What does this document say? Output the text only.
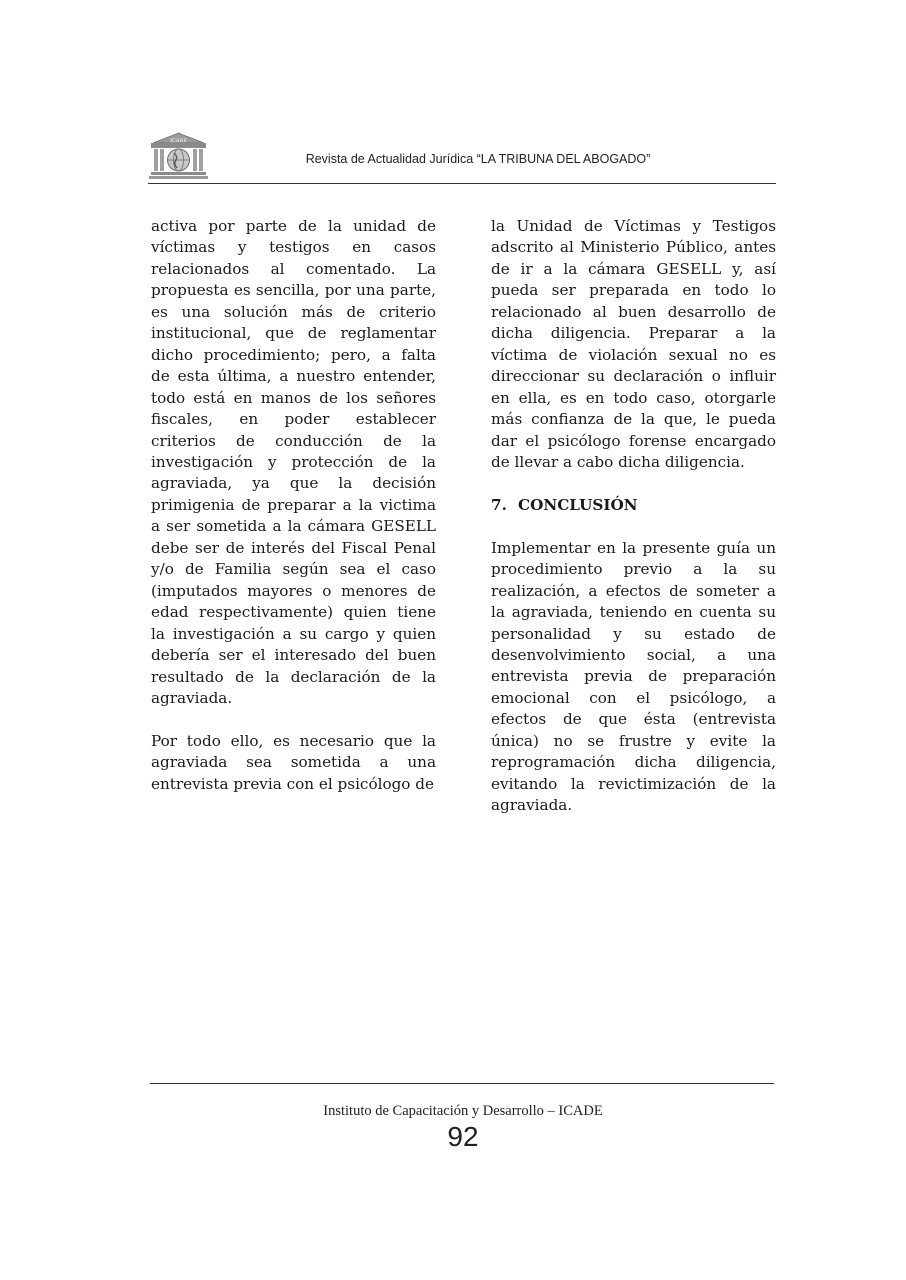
ICADE
Revista de Actualidad Jurídica “LA TRIBUNA DEL ABOGADO”

activa por parte de la unidad de víctimas y testigos en casos relacionados al comentado. La propuesta es sencilla, por una parte, es una solución más de criterio institucional, que de reglamentar dicho procedimiento; pero, a falta de esta última, a nuestro entender, todo está en manos de los señores fiscales, en poder establecer criterios de conducción de la investigación y protección de la agraviada, ya que la decisión primigenia de preparar a la victima a ser sometida a la cámara GESELL debe ser de interés del Fiscal Penal y/o de Familia según sea el caso (imputados mayores o menores de edad respectivamente) quien tiene la investigación a su cargo y quien debería ser el interesado del buen resultado de la declaración de la agraviada.

Por todo ello, es necesario que la agraviada sea sometida a una entrevista previa con el psicólogo de

la Unidad de Víctimas y Testigos adscrito al Ministerio Público, antes de ir a la cámara GESELL y, así pueda ser preparada en todo lo relacionado al buen desarrollo de dicha diligencia. Preparar a la víctima de violación sexual no es direccionar su declaración o influir en ella, es en todo caso, otorgarle más confianza de la que, le pueda dar el psicólogo forense encargado de llevar a cabo dicha diligencia.

7. CONCLUSIÓN

Implementar en la presente guía un procedimiento previo a la su realización, a efectos de someter a la agraviada, teniendo en cuenta su personalidad y su estado de desenvolvimiento social, a una entrevista previa de preparación emocional con el psicólogo, a efectos de que ésta (entrevista única) no se frustre y evite la reprogramación dicha diligencia, evitando la revictimización de la agraviada.

Instituto de Capacitación y Desarrollo – ICADE
92
